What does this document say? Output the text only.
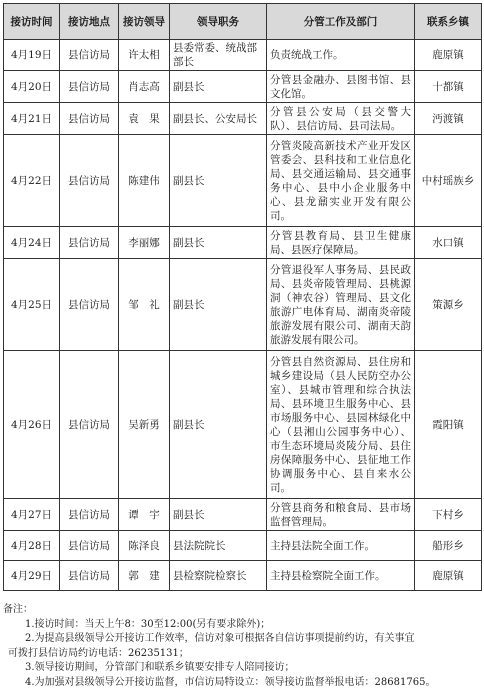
接访时间	接访地点	接访领导	领导职务	分管工作及部门	联系乡镇
4月19日	县信访局	许太相	县委常委、统战部部长	负责统战工作。	鹿原镇
4月20日	县信访局	肖志高	副县长	分管县金融办、县图书馆、县文化馆。	十都镇
4月21日	县信访局	袁　果	副县长、公安局长	分管县公安局（县交警大队）、县信访局、县司法局。	沔渡镇
4月22日	县信访局	陈建伟	副县长	分管炎陵高新技术产业开发区管委会、县科技和工业信息化局、县交通运输局、县交通事务中心、县中小企业服务中心、县龙鼐实业开发有限公司。	中村瑶族乡
4月24日	县信访局	李丽娜	副县长	分管县教育局、县卫生健康局、县医疗保障局。	水口镇
4月25日	县信访局	邹　礼	副县长	分管退役军人事务局、县民政局、县炎帝陵管理局、县桃源洞（神农谷）管理局、县文化旅游广电体育局、湖南炎帝陵旅游发展有限公司、湖南天韵旅游发展有限公司。	策源乡
4月26日	县信访局	吴新勇	副县长	分管县自然资源局、县住房和城乡建设局（县人民防空办公室）、县城市管理和综合执法局、县环境卫生服务中心、县市场服务中心、县园林绿化中心（县湘山公园事务中心）、市生态环境局炎陵分局、县住房保障服务中心、县征地工作协调服务中心、县自来水公司。	霞阳镇
4月27日	县信访局	谭　宇	副县长	分管县商务和粮食局、县市场监督管理局。	下村乡
4月28日	县信访局	陈泽良	县法院院长	主持县法院全面工作。	船形乡
4月29日	县信访局	郭　建	县检察院检察长	主持县检察院全面工作。	鹿原镇
备注：
1.接访时间：当天上午8：30至12:00(另有要求除外)；
2.为提高县级领导公开接访工作效率，信访对象可根据各自信访事项提前约访，有关事宜
可拨打县信访局约访电话：26235131；
3.领导接访期间，分管部门和联系乡镇要安排专人陪同接访；
4.为加强对县级领导公开接访监督，市信访局特设立：领导接访监督举报电话：28681765。
